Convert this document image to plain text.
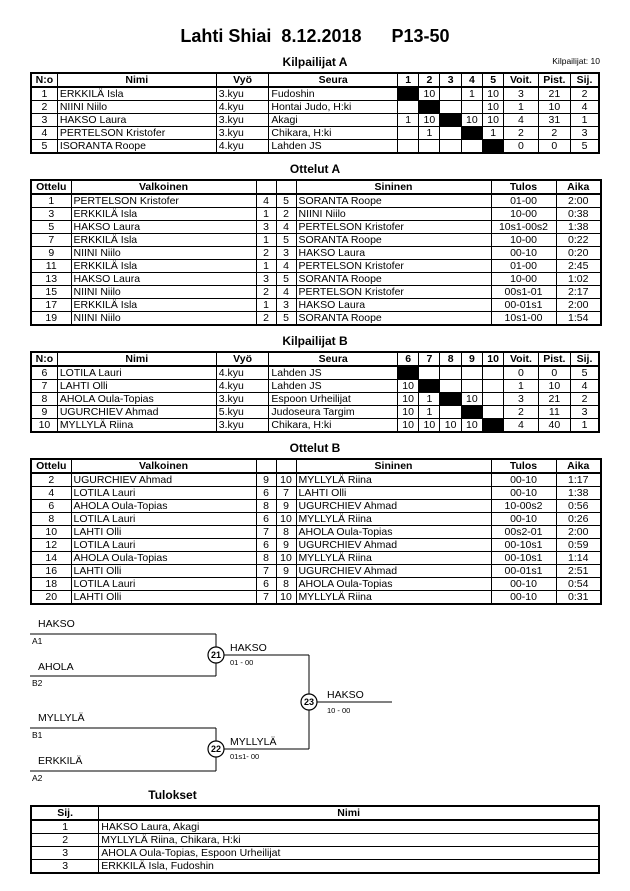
Lahti Shiai  8.12.2018      P13-50
Kilpailijat A	Kilpailijat: 10
N:o	Nimi	Vyö	Seura	1	2	3	4	5	Voit.	Pist.	Sij.
1	ERKKILÄ Isla	3.kyu	Fudoshin		10		1	10	3	21	2
2	NIINI Niilo	4.kyu	Hontai Judo, H:ki					10	1	10	4
3	HAKSO Laura	3.kyu	Akagi	1	10		10	10	4	31	1
4	PERTELSON Kristofer	3.kyu	Chikara, H:ki		1			1	2	2	3
5	ISORANTA Roope	4.kyu	Lahden JS						0	0	5
Ottelut A
Ottelu	Valkoinen			Sininen	Tulos	Aika
1	PERTELSON Kristofer	4	5	SORANTA Roope	01-00	2:00
3	ERKKILÄ Isla	1	2	NIINI Niilo	10-00	0:38
5	HAKSO Laura	3	4	PERTELSON Kristofer	10s1-00s2	1:38
7	ERKKILÄ Isla	1	5	SORANTA Roope	10-00	0:22
9	NIINI Niilo	2	3	HAKSO Laura	00-10	0:20
11	ERKKILÄ Isla	1	4	PERTELSON Kristofer	01-00	2:45
13	HAKSO Laura	3	5	SORANTA Roope	10-00	1:02
15	NIINI Niilo	2	4	PERTELSON Kristofer	00s1-01	2:17
17	ERKKILÄ Isla	1	3	HAKSO Laura	00-01s1	2:00
19	NIINI Niilo	2	5	SORANTA Roope	10s1-00	1:54
Kilpailijat B
N:o	Nimi	Vyö	Seura	6	7	8	9	10	Voit.	Pist.	Sij.
6	LOTILA Lauri	4.kyu	Lahden JS						0	0	5
7	LAHTI Olli	4.kyu	Lahden JS	10					1	10	4
8	AHOLA Oula-Topias	3.kyu	Espoon Urheilijat	10	1		10		3	21	2
9	UGURCHIEV Ahmad	5.kyu	Judoseura Targim	10	1				2	11	3
10	MYLLYLÄ Riina	3.kyu	Chikara, H:ki	10	10	10	10		4	40	1
Ottelut B
Ottelu	Valkoinen			Sininen	Tulos	Aika
2	UGURCHIEV Ahmad	9	10	MYLLYLÄ Riina	00-10	1:17
4	LOTILA Lauri	6	7	LAHTI Olli	00-10	1:38
6	AHOLA Oula-Topias	8	9	UGURCHIEV Ahmad	10-00s2	0:56
8	LOTILA Lauri	6	10	MYLLYLÄ Riina	00-10	0:26
10	LAHTI Olli	7	8	AHOLA Oula-Topias	00s2-01	2:00
12	LOTILA Lauri	6	9	UGURCHIEV Ahmad	00-10s1	0:59
14	AHOLA Oula-Topias	8	10	MYLLYLÄ Riina	00-10s1	1:14
16	LAHTI Olli	7	9	UGURCHIEV Ahmad	00-01s1	2:51
18	LOTILA Lauri	6	8	AHOLA Oula-Topias	00-10	0:54
20	LAHTI Olli	7	10	MYLLYLÄ Riina	00-10	0:31
HAKSO
A1
AHOLA
B2
21
HAKSO
01 - 00
MYLLYLÄ
B1
ERKKILÄ
A2
22
MYLLYLÄ
01s1- 00
23
HAKSO
10 - 00
Tulokset
Sij.	Nimi
1	HAKSO Laura, Akagi
2	MYLLYLÄ Riina, Chikara, H:ki
3	AHOLA Oula-Topias, Espoon Urheilijat
3	ERKKILÄ Isla, Fudoshin
